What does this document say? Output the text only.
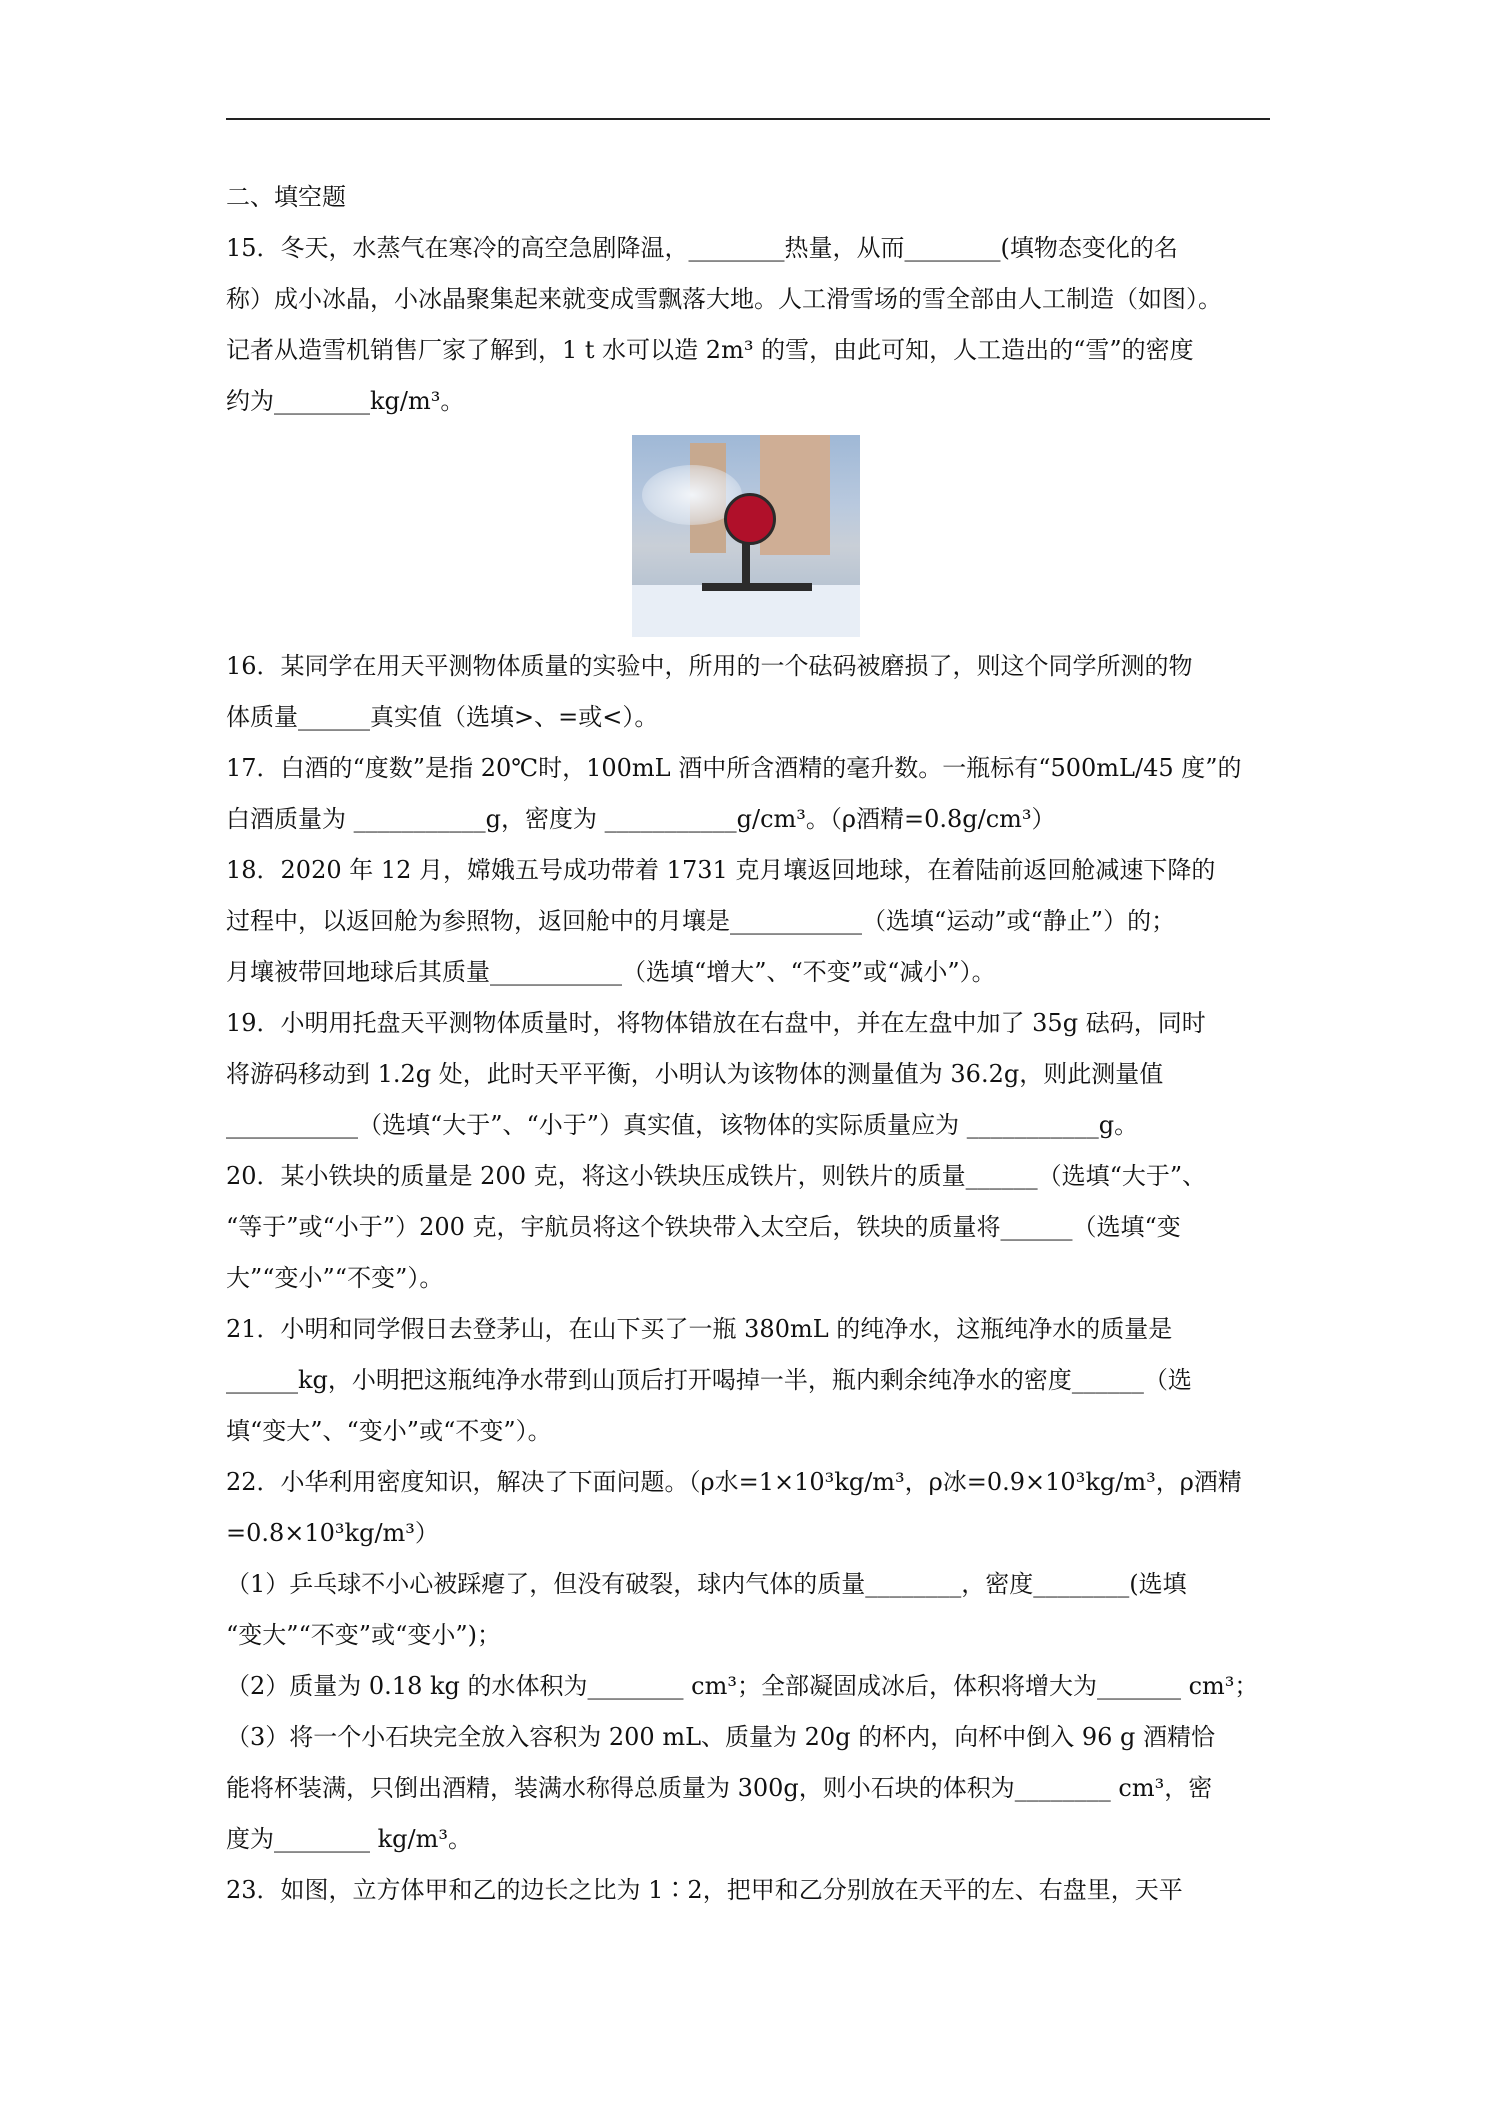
二、填空题

15．冬天，水蒸气在寒冷的高空急剧降温，________热量，从而________(填物态变化的名

称）成小冰晶，小冰晶聚集起来就变成雪飘落大地。人工滑雪场的雪全部由人工制造（如图）。

记者从造雪机销售厂家了解到，1 t 水可以造 2m³ 的雪，由此可知，人工造出的“雪”的密度

约为________kg/m³。

16．某同学在用天平测物体质量的实验中，所用的一个砝码被磨损了，则这个同学所测的物

体质量______真实值（选填>、=或<）。

17．白酒的“度数”是指 20℃时，100mL 酒中所含酒精的毫升数。一瓶标有“500mL/45 度”的

白酒质量为 ___________g，密度为 ___________g/cm³。（ρ酒精=0.8g/cm³）

18．2020 年 12 月，嫦娥五号成功带着 1731 克月壤返回地球，在着陆前返回舱减速下降的

过程中，以返回舱为参照物，返回舱中的月壤是___________（选填“运动”或“静止”）的；

月壤被带回地球后其质量___________（选填“增大”、“不变”或“减小”）。

19．小明用托盘天平测物体质量时，将物体错放在右盘中，并在左盘中加了 35g 砝码，同时

将游码移动到 1.2g 处，此时天平平衡，小明认为该物体的测量值为 36.2g，则此测量值

___________（选填“大于”、“小于”）真实值，该物体的实际质量应为 ___________g。

20．某小铁块的质量是 200 克，将这小铁块压成铁片，则铁片的质量______（选填“大于”、

“等于”或“小于”）200 克，宇航员将这个铁块带入太空后，铁块的质量将______（选填“变

大”“变小”“不变”）。

21．小明和同学假日去登茅山，在山下买了一瓶 380mL 的纯净水，这瓶纯净水的质量是

______kg，小明把这瓶纯净水带到山顶后打开喝掉一半，瓶内剩余纯净水的密度______（选

填“变大”、“变小”或“不变”）。

22．小华利用密度知识，解决了下面问题。（ρ水=1×10³kg/m³，ρ冰=0.9×10³kg/m³，ρ酒精

=0.8×10³kg/m³）

（1）乒乓球不小心被踩瘪了，但没有破裂，球内气体的质量________，密度________(选填

“变大”“不变”或“变小”)；

（2）质量为 0.18 kg 的水体积为________ cm³；全部凝固成冰后，体积将增大为_______ cm³；

（3）将一个小石块完全放入容积为 200 mL、质量为 20g 的杯内，向杯中倒入 96 g 酒精恰

能将杯装满，只倒出酒精，装满水称得总质量为 300g，则小石块的体积为________ cm³，密

度为________ kg/m³。

23．如图，立方体甲和乙的边长之比为 1∶2，把甲和乙分别放在天平的左、右盘里，天平
